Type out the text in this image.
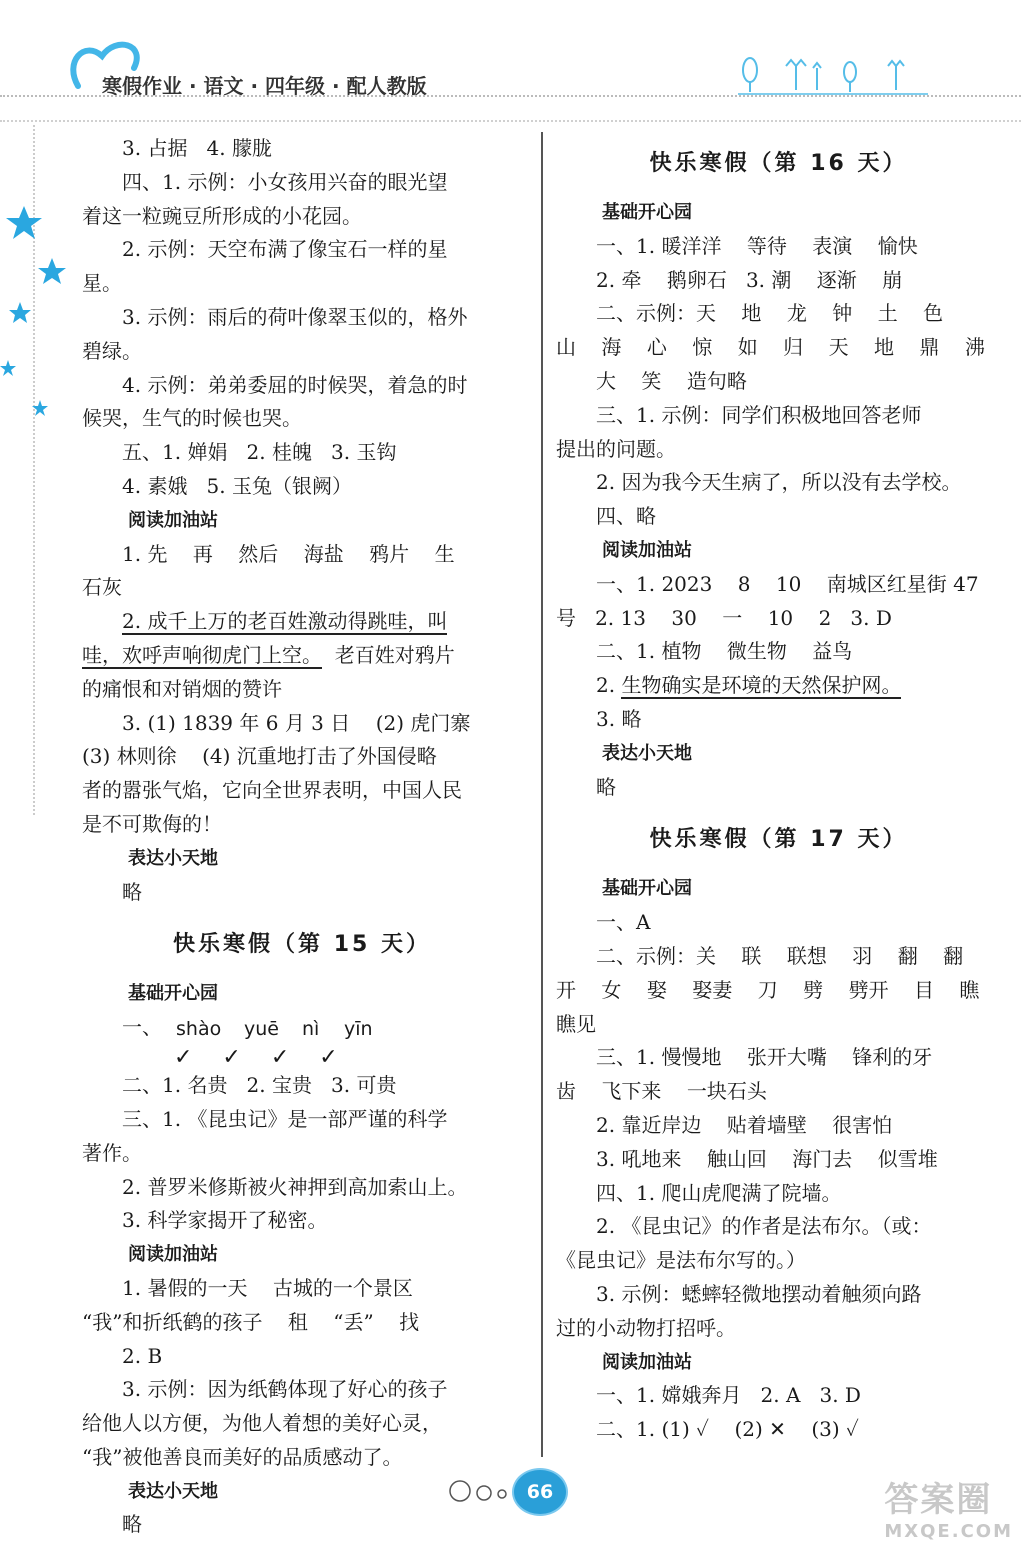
寒假作业 · 语文 · 四年级 · 配人教版
3. 占据   4. 朦胧
四、1. 示例：小女孩用兴奋的眼光望
着这一粒豌豆所形成的小花园。
2. 示例：天空布满了像宝石一样的星
星。
3. 示例：雨后的荷叶像翠玉似的，格外
碧绿。
4. 示例：弟弟委屈的时候哭，着急的时
候哭，生气的时候也哭。
五、1. 婵娟   2. 桂魄   3. 玉钩
4. 素娥   5. 玉兔（银阙）
阅读加油站
1. 先    再    然后    海盐    鸦片    生
石灰
2. 成千上万的老百姓激动得跳哇，叫
哇，欢呼声响彻虎门上空。  老百姓对鸦片
的痛恨和对销烟的赞许
3. (1) 1839 年 6 月 3 日    (2) 虎门寨
(3) 林则徐    (4) 沉重地打击了外国侵略
者的嚣张气焰，它向全世界表明，中国人民
是不可欺侮的！
表达小天地
略
快乐寒假（第 15 天）
基础开心园
一、 shào yuē nì yīn
✓✓✓✓
二、1. 名贵   2. 宝贵   3. 可贵
三、1. 《昆虫记》是一部严谨的科学
著作。
2. 普罗米修斯被火神押到高加索山上。
3. 科学家揭开了秘密。
阅读加油站
1. 暑假的一天    古城的一个景区
“我”和折纸鹤的孩子    租    “丢”    找
2. B
3. 示例：因为纸鹤体现了好心的孩子
给他人以方便，为他人着想的美好心灵，
“我”被他善良而美好的品质感动了。
表达小天地
略
快乐寒假（第 16 天）
基础开心园
一、1. 暖洋洋    等待    表演    愉快
2. 牵    鹅卵石   3. 潮    逐渐    崩
二、示例：天    地    龙    钟    土    色
山    海    心    惊    如    归    天    地    鼎    沸
大    笑    造句略
三、1. 示例：同学们积极地回答老师
提出的问题。
2. 因为我今天生病了，所以没有去学校。
四、略
阅读加油站
一、1. 2023    8    10    南城区红星街 47
号   2. 13    30    一    10    2   3. D
二、1. 植物    微生物    益鸟
2. 生物确实是环境的天然保护网。
3. 略
表达小天地
略
快乐寒假（第 17 天）
基础开心园
一、A
二、示例：关    联    联想    羽    翻    翻
开    女    娶    娶妻    刀    劈    劈开    目    瞧
瞧见
三、1. 慢慢地    张开大嘴    锋利的牙
齿    飞下来    一块石头
2. 靠近岸边    贴着墙壁    很害怕
3. 吼地来    触山回    海门去    似雪堆
四、1. 爬山虎爬满了院墙。
2. 《昆虫记》的作者是法布尔。（或：
《昆虫记》是法布尔写的。）
3. 示例：蟋蟀轻微地摆动着触须向路
过的小动物打招呼。
阅读加油站
一、1. 嫦娥奔月   2. A   3. D
二、1. (1) ✓    (2) ✕    (3) ✓
66	答案圈
MXQE.COM
